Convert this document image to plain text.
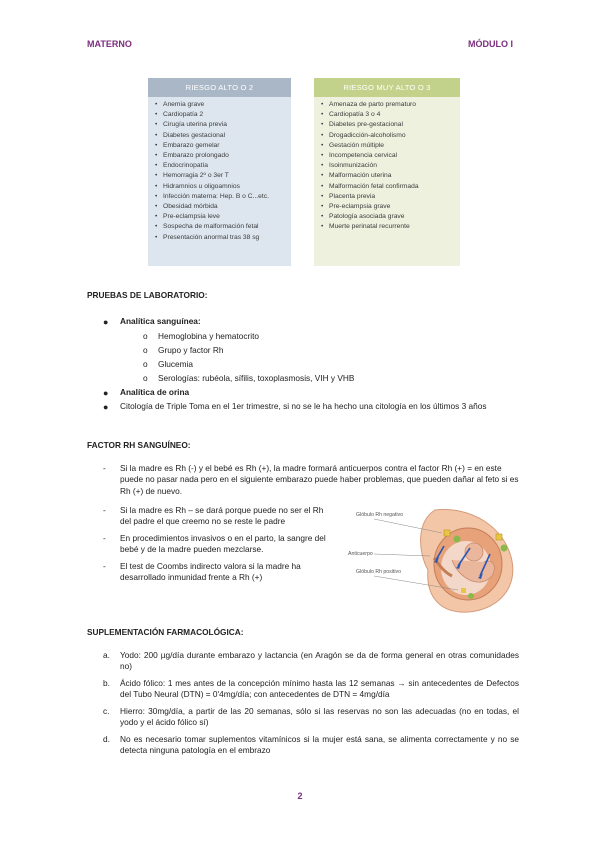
MATERNO	MÓDULO I
RIESGO ALTO O 2
• Anemia grave
• Cardiopatía 2
• Cirugía uterina previa
• Diabetes gestacional
• Embarazo gemelar
• Embarazo prolongado
• Endocrinopatía
• Hemorragia 2º o 3er T
• Hidramnios u oligoamnios
• Infección materna: Hep. B o C...etc.
• Obesidad mórbida
• Pre-eclampsia leve
• Sospecha de malformación fetal
• Presentación anormal tras 38 sg
RIESGO MUY ALTO O 3
• Amenaza de parto prematuro
• Cardiopatía 3 o 4
• Diabetes pre-gestacional
• Drogadicción-alcoholismo
• Gestación múltiple
• Incompetencia cervical
• Isoinmunización
• Malformación uterina
• Malformación fetal confirmada
• Placenta previa
• Pre-eclampsia grave
• Patología asociada grave
• Muerte perinatal recurrente
PRUEBAS DE LABORATORIO:
● Analítica sanguínea:
o Hemoglobina y hematocrito
o Grupo y factor Rh
o Glucemia
o Serologías: rubéola, sífilis, toxoplasmosis, VIH y VHB
● Analítica de orina
● Citología de Triple Toma en el 1er trimestre, si no se le ha hecho una citología en los últimos 3 años
FACTOR RH SANGUÍNEO:
- Si la madre es Rh (-) y el bebé es Rh (+), la madre formará anticuerpos contra el factor Rh (+) = en este puede no pasar nada pero en el siguiente embarazo puede haber problemas, que pueden dañar al feto si es Rh (+) de nuevo.
- Si la madre es Rh – se dará porque puede no ser el Rh del padre el que creemo no se reste le padre
- En procedimientos invasivos o en el parto, la sangre del bebé y de la madre pueden mezclarse.
- El test de Coombs indirecto valora si la madre ha desarrollado inmunidad frente a Rh (+)
Glóbulo Rh negativo
Anticuerpo
Glóbulo Rh positivo
SUPLEMENTACIÓN FARMACOLÓGICA:
a. Yodo: 200 µg/día durante embarazo y lactancia (en Aragón se da de forma general en otras comunidades no)
b. Ácido fólico: 1 mes antes de la concepción mínimo hasta las 12 semanas → sin antecedentes de Defectos del Tubo Neural (DTN) = 0'4mg/día; con antecedentes de DTN = 4mg/día
c. Hierro: 30mg/día, a partir de las 20 semanas, sólo si las reservas no son las adecuadas (no en todas, el yodo y el ácido fólico sí)
d. No es necesario tomar suplementos vitamínicos si la mujer está sana, se alimenta correctamente y no se detecta ninguna patología en el embrazo
2
